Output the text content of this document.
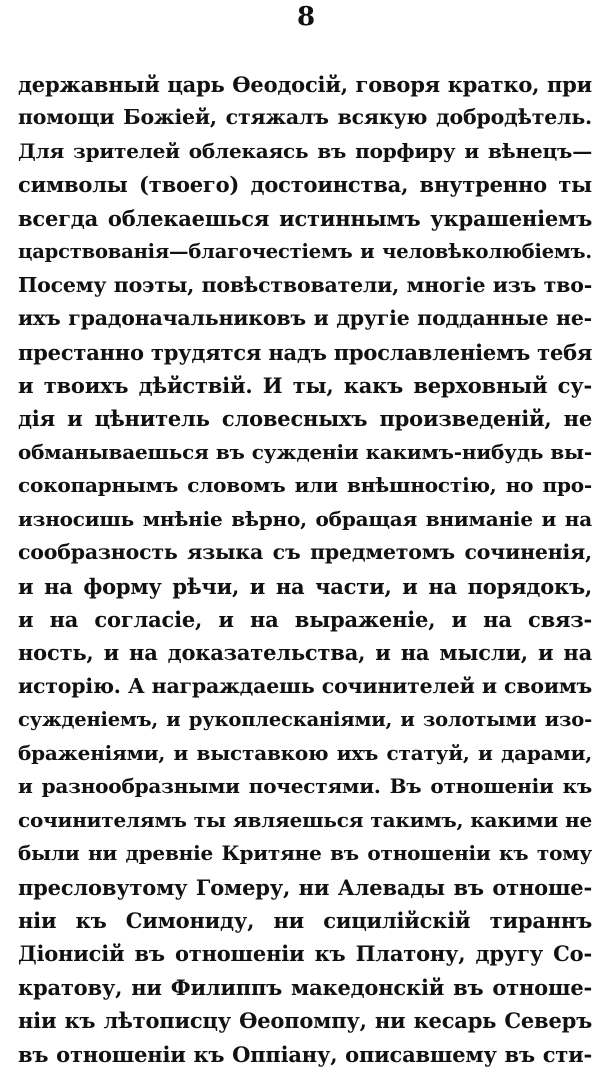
8
державный царь Өеодосій, говоря кратко, при
помощи Божіей, стяжалъ всякую добродѣтель.
Для зрителей облекаясь въ порфиру и вѣнецъ—
символы (твоего) достоинства, внутренно ты
всегда облекаешься истиннымъ украшеніемъ
царствованія—благочестіемъ и человѣколюбіемъ.
Посему поэты, повѣствователи, многіе изъ твο-
ихъ градоначальниковъ и другіе подданные не-
престанно трудятся надъ прославленіемъ тебя
и твоихъ дѣйствій. И ты, какъ верховный су-
дія и цѣнитель словесныхъ произведеній, не
обманываешься въ сужденіи какимъ-нибудь вы-
сокопарнымъ словомъ или внѣшностію, но про-
износишь мнѣніе вѣрно, обращая вниманіе и на
сообразность языка съ предметомъ сочиненія,
и на форму рѣчи, и на части, и на порядокъ,
и на согласіе, и на выраженіе, и на связ-
ность, и на доказательства, и на мысли, и на
исторію. А награждаешь сочинителей и своимъ
сужденіемъ, и рукоплесканіями, и золотыми изо-
браженіями, и выставкою ихъ статуй, и дарами,
и разнообразными почестями. Въ отношеніи къ
сочинителямъ ты являешься такимъ, какими не
были ни древніе Критяне въ отношеніи къ тому
пресловутому Гомеру, ни Алевады въ отноше-
ніи къ Симониду, ни сицилійскій тираннъ
Діонисій въ отношеніи къ Платону, другу Со-
кратову, ни Филиппъ македонскій въ отноше-
ніи къ лѣтописцу Өеопомпу, ни кесарь Северъ
въ отношеніи къ Оппіану, описавшему въ сти-
